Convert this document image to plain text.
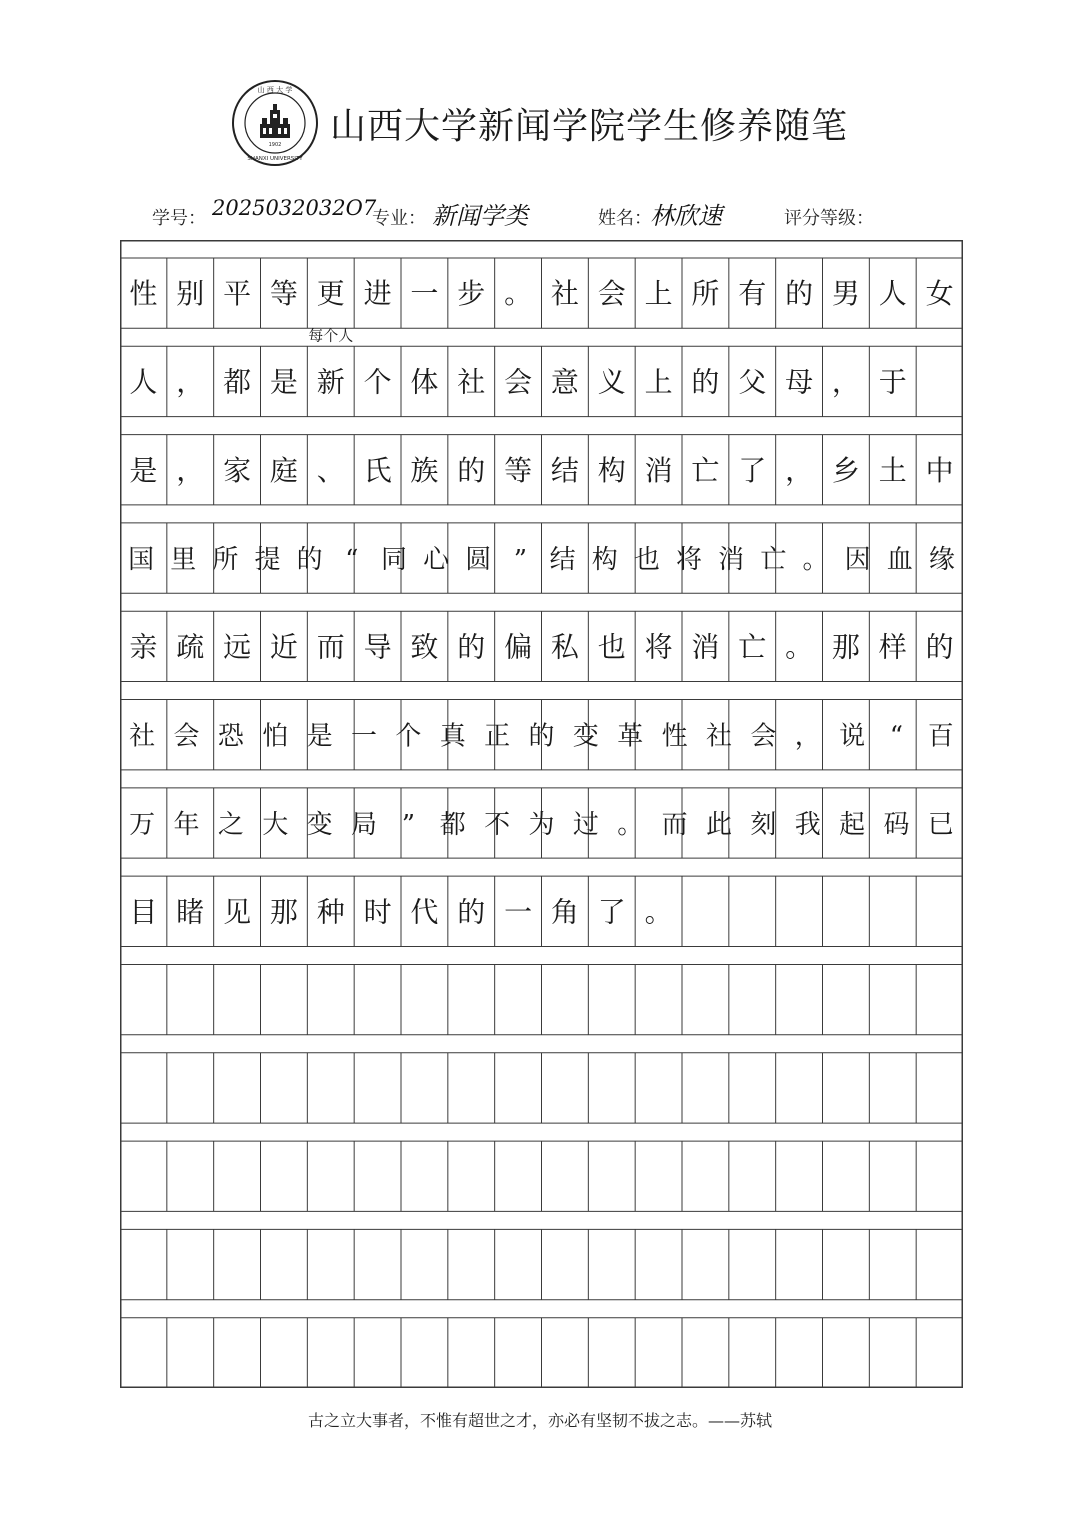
山 西 大 学
SHANXI UNIVERSITY
1902 山西大学新闻学院学生修养随笔
学号： 2025032032O7
专业： 新闻学类	姓名：
林欣速	评分等级：
性 别 平 等 更 进 一 步 。 社 会 上 所 有 的 男 人 女
人 ， 都 是 新 个 体 社 会 意 义 上 的 父 母 ， 于
是 ， 家 庭 、 氏 族 的 等 结 构 消 亡 了 ， 乡 土 中
国 里 所 提 的 “ 同 心 圆 ” 结 构 也 将 消 亡 。 因 血 缘
亲 疏 远 近 而 导 致 的 偏 私 也 将 消 亡 。 那 样 的
社 会 恐 怕 是 一 个 真 正 的 变 革 性 社 会 ， 说 “ 百
万 年 之 大 变 局 ” 都 不 为 过 。 而 此 刻 我 起 码 已
目 睹 见 那 种 时 代 的 一 角 了 。
每个人
古之立大事者，不惟有超世之才，亦必有坚韧不拔之志。——苏轼
